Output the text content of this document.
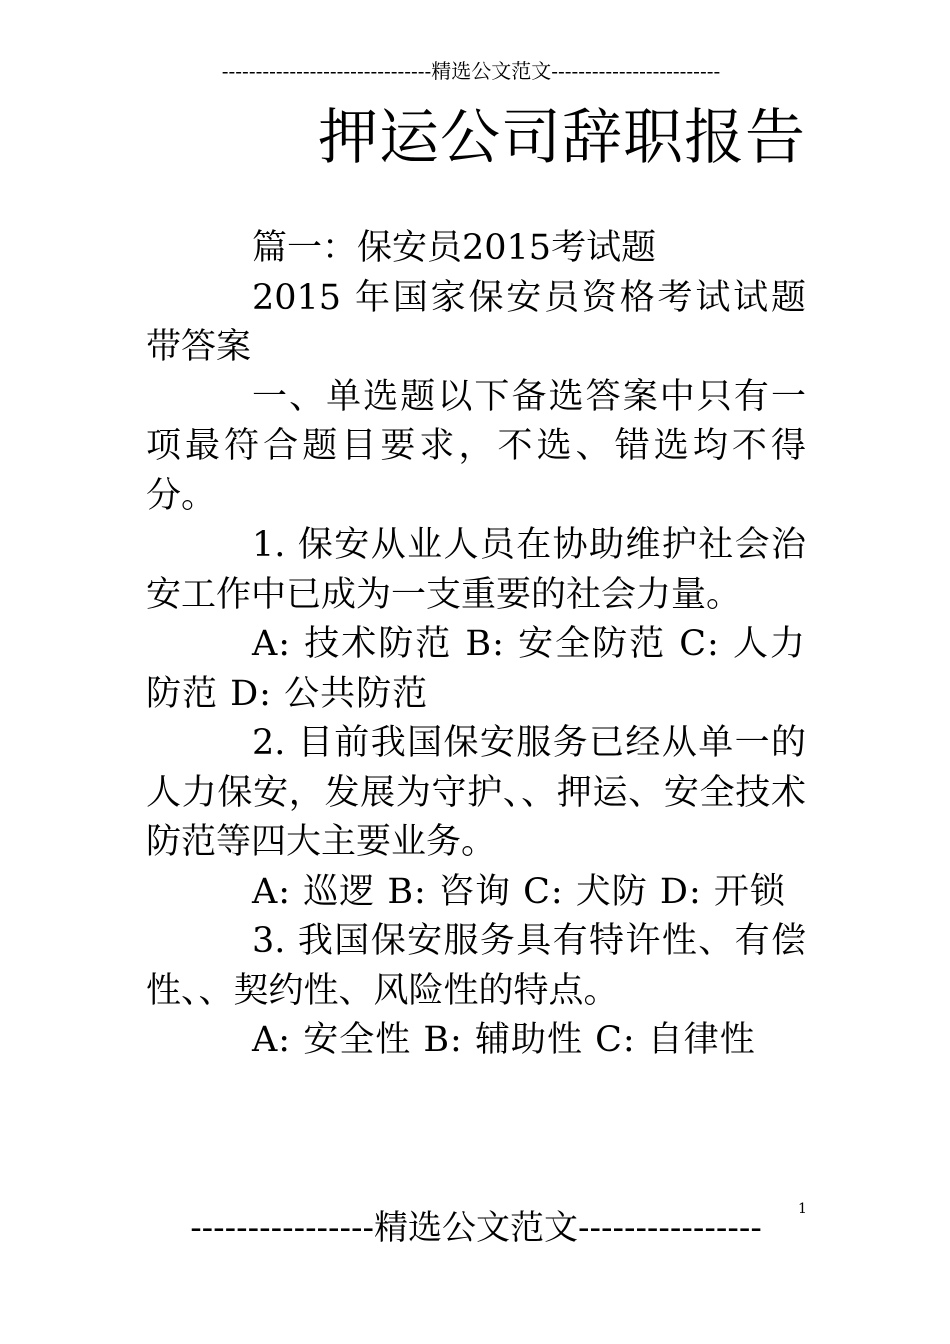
-------------------------------精选公文范文-------------------------
押运公司辞职报告

篇一：保安员2015考试题

2015 年国家保安员资格考试试题带答案

一、单选题以下备选答案中只有一项最符合题目要求，不选、错选均不得分。

1. 保安从业人员在协助维护社会治安工作中已成为一支重要的社会力量。

A: 技术防范 B: 安全防范 C: 人力防范 D: 公共防范

2. 目前我国保安服务已经从单一的人力保安，发展为守护、、押运、安全技术防范等四大主要业务。

A: 巡逻 B: 咨询 C: 犬防 D: 开锁

3. 我国保安服务具有特许性、有偿性、、契约性、风险性的特点。

A: 安全性 B: 辅助性 C: 自律性

1
----------------精选公文范文----------------
